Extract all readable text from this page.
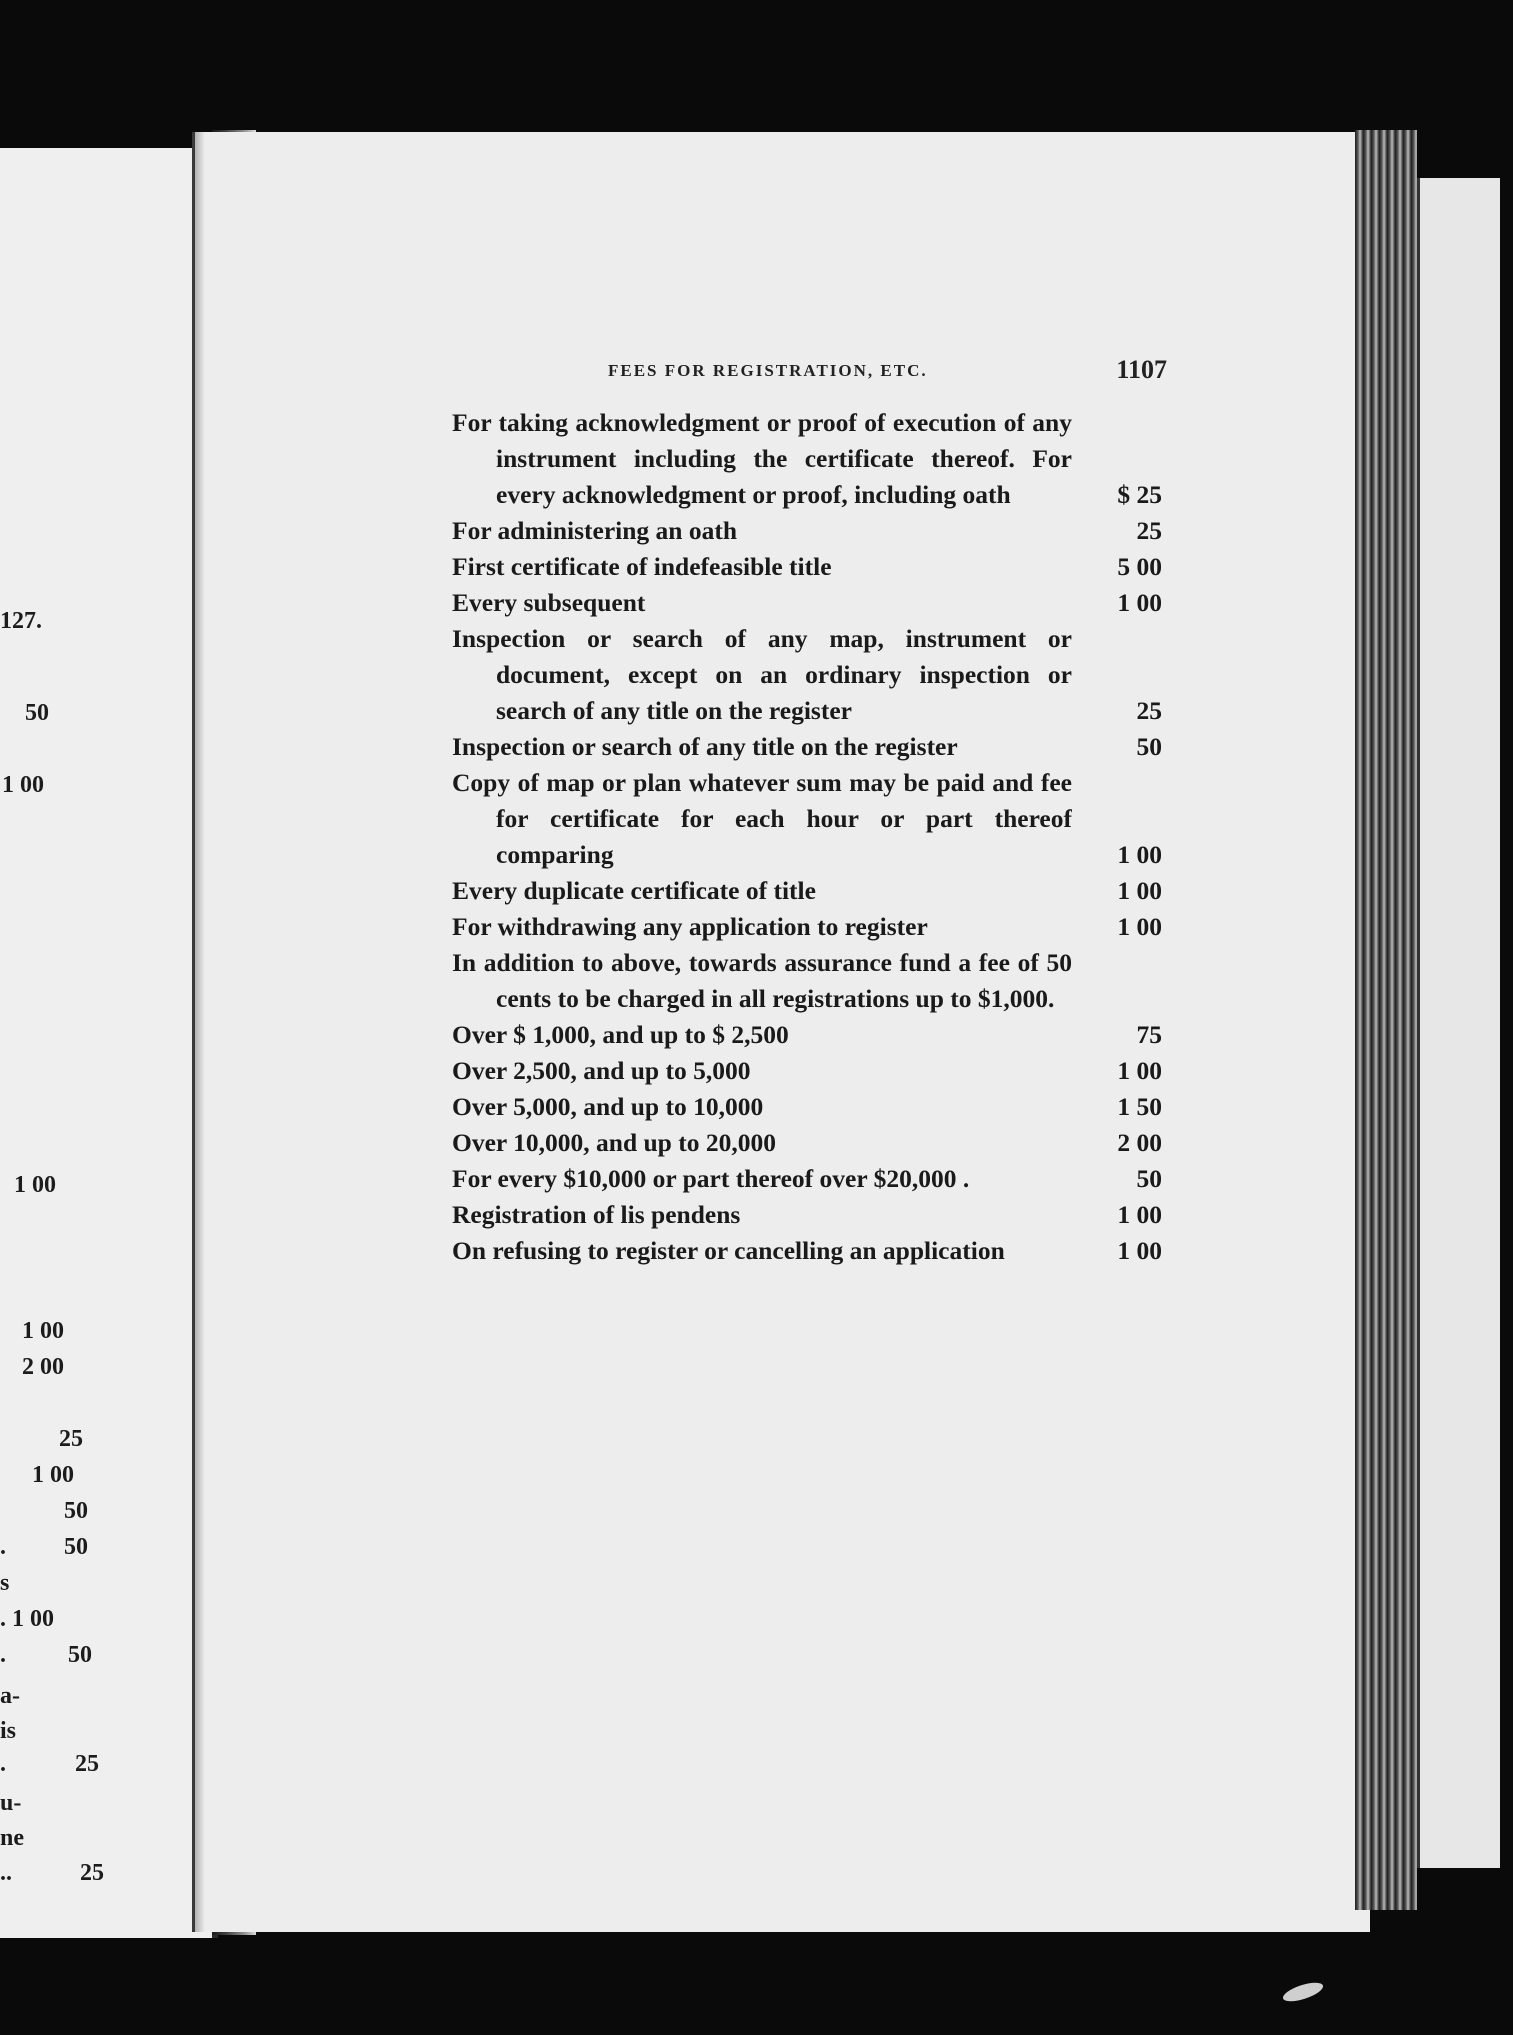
127.
50
1 00
1 00
1 00
2 00
25
1 00
50
. 50
s
. 1 00
.	50
a-
is
.	25
u-
ne
..	25
FEES FOR REGISTRATION, ETC.	1107
For taking acknowledgment or proof of execution of any instrument including the certificate thereof. For every acknowledgment or proof, including oath	$ 25
For administering an oath	25
First certificate of indefeasible title	5 00
Every subsequent	1 00
Inspection or search of any map, instrument or document, except on an ordinary inspection or search of any title on the register	25
Inspection or search of any title on the register	50
Copy of map or plan whatever sum may be paid and fee for certificate for each hour or part thereof comparing	1 00
Every duplicate certificate of title	1 00
For withdrawing any application to register	1 00
In addition to above, towards assurance fund a fee of 50 cents to be charged in all registrations up to $1,000.
Over $ 1,000, and up to $ 2,500	75
Over 2,500, and up to 5,000	1 00
Over 5,000, and up to 10,000	1 50
Over 10,000, and up to 20,000	2 00
For every $10,000 or part thereof over $20,000 .	50
Registration of lis pendens	1 00
On refusing to register or cancelling an application	1 00
